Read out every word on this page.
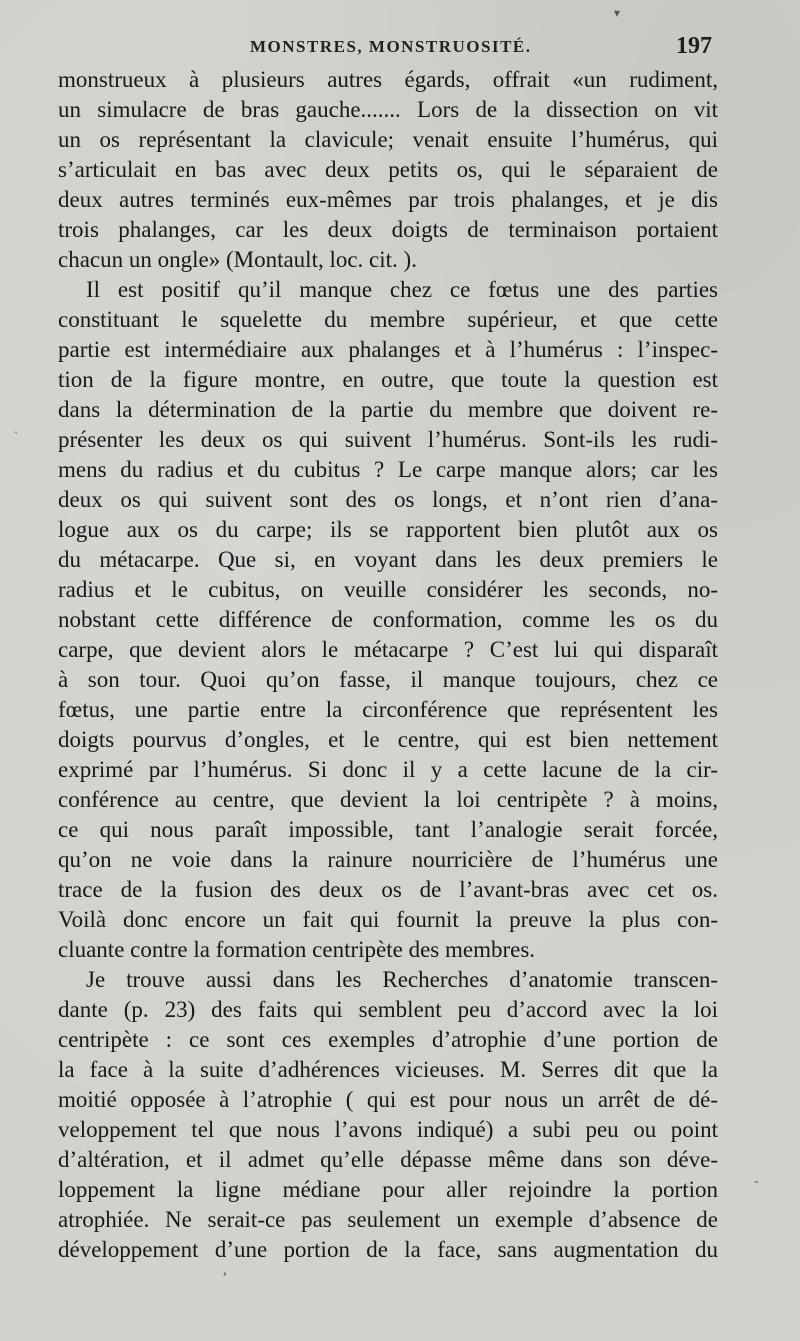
▾
ˎ
ʼ
-
MONSTRES, MONSTRUOSITÉ.	197
monstrueux à plusieurs autres égards, offrait «un rudiment,
un simulacre de bras gauche....... Lors de la dissection on vit
un os représentant la clavicule; venait ensuite l’humérus, qui
s’articulait en bas avec deux petits os, qui le séparaient de
deux autres terminés eux-mêmes par trois phalanges, et je dis
trois phalanges, car les deux doigts de terminaison portaient
chacun un ongle» (Montault, loc. cit. ).
Il est positif qu’il manque chez ce fœtus une des parties
constituant le squelette du membre supérieur, et que cette
partie est intermédiaire aux phalanges et à l’humérus : l’inspec-
tion de la figure montre, en outre, que toute la question est
dans la détermination de la partie du membre que doivent re-
présenter les deux os qui suivent l’humérus. Sont-ils les rudi-
mens du radius et du cubitus ? Le carpe manque alors; car les
deux os qui suivent sont des os longs, et n’ont rien d’ana-
logue aux os du carpe; ils se rapportent bien plutôt aux os
du métacarpe. Que si, en voyant dans les deux premiers le
radius et le cubitus, on veuille considérer les seconds, no-
nobstant cette différence de conformation, comme les os du
carpe, que devient alors le métacarpe ? C’est lui qui disparaît
à son tour. Quoi qu’on fasse, il manque toujours, chez ce
fœtus, une partie entre la circonférence que représentent les
doigts pourvus d’ongles, et le centre, qui est bien nettement
exprimé par l’humérus. Si donc il y a cette lacune de la cir-
conférence au centre, que devient la loi centripète ? à moins,
ce qui nous paraît impossible, tant l’analogie serait forcée,
qu’on ne voie dans la rainure nourricière de l’humérus une
trace de la fusion des deux os de l’avant-bras avec cet os.
Voilà donc encore un fait qui fournit la preuve la plus con-
cluante contre la formation centripète des membres.
Je trouve aussi dans les Recherches d’anatomie transcen-
dante (p. 23) des faits qui semblent peu d’accord avec la loi
centripète : ce sont ces exemples d’atrophie d’une portion de
la face à la suite d’adhérences vicieuses. M. Serres dit que la
moitié opposée à l’atrophie ( qui est pour nous un arrêt de dé-
veloppement tel que nous l’avons indiqué) a subi peu ou point
d’altération, et il admet qu’elle dépasse même dans son déve-
loppement la ligne médiane pour aller rejoindre la portion
atrophiée. Ne serait-ce pas seulement un exemple d’absence de
développement d’une portion de la face, sans augmentation du
